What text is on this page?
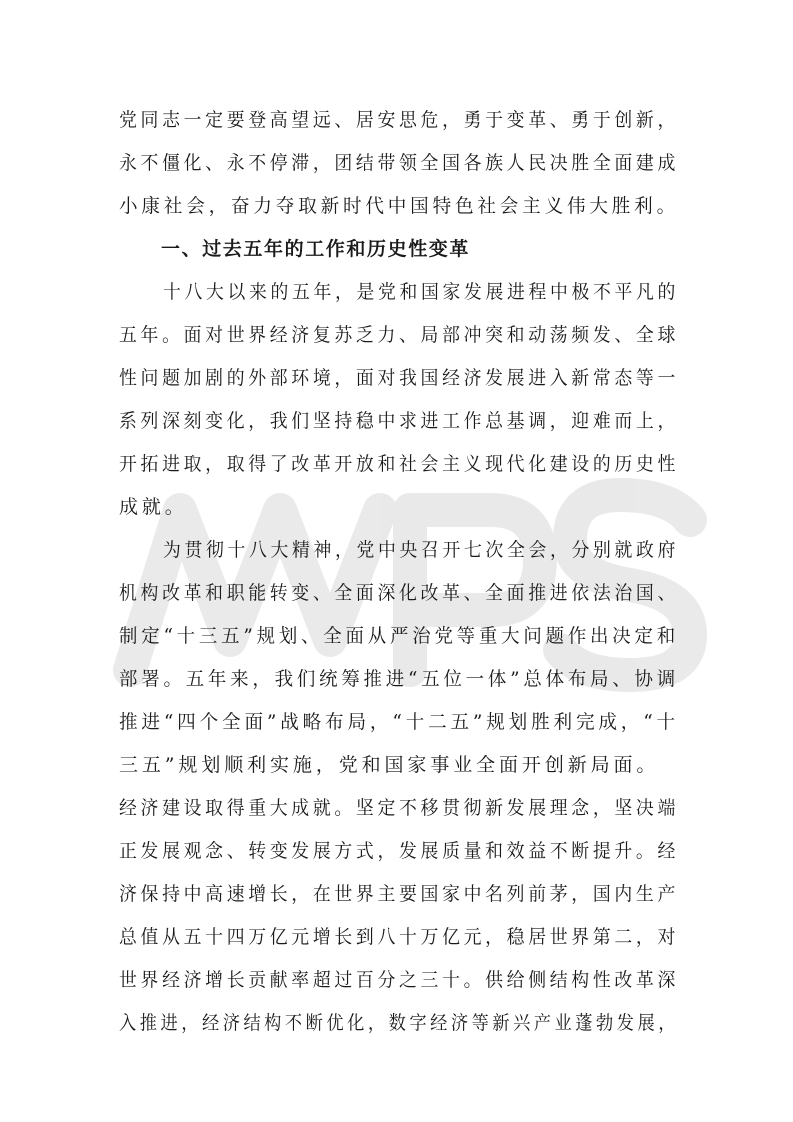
党同志一定要登高望远、居安思危，勇于变革、勇于创新，
永不僵化、永不停滞，团结带领全国各族人民决胜全面建成
小康社会，奋力夺取新时代中国特色社会主义伟大胜利。
一、过去五年的工作和历史性变革
十八大以来的五年，是党和国家发展进程中极不平凡的
五年。面对世界经济复苏乏力、局部冲突和动荡频发、全球
性问题加剧的外部环境，面对我国经济发展进入新常态等一
系列深刻变化，我们坚持稳中求进工作总基调，迎难而上，
开拓进取，取得了改革开放和社会主义现代化建设的历史性
成就。
为贯彻十八大精神，党中央召开七次全会，分别就政府
机构改革和职能转变、全面深化改革、全面推进依法治国、
制定“十三五”规划、全面从严治党等重大问题作出决定和
部署。五年来，我们统筹推进“五位一体”总体布局、协调
推进“四个全面”战略布局，“十二五”规划胜利完成，“十
三五”规划顺利实施，党和国家事业全面开创新局面。
经济建设取得重大成就。坚定不移贯彻新发展理念，坚决端
正发展观念、转变发展方式，发展质量和效益不断提升。经
济保持中高速增长，在世界主要国家中名列前茅，国内生产
总值从五十四万亿元增长到八十万亿元，稳居世界第二，对
世界经济增长贡献率超过百分之三十。供给侧结构性改革深
入推进，经济结构不断优化，数字经济等新兴产业蓬勃发展，
